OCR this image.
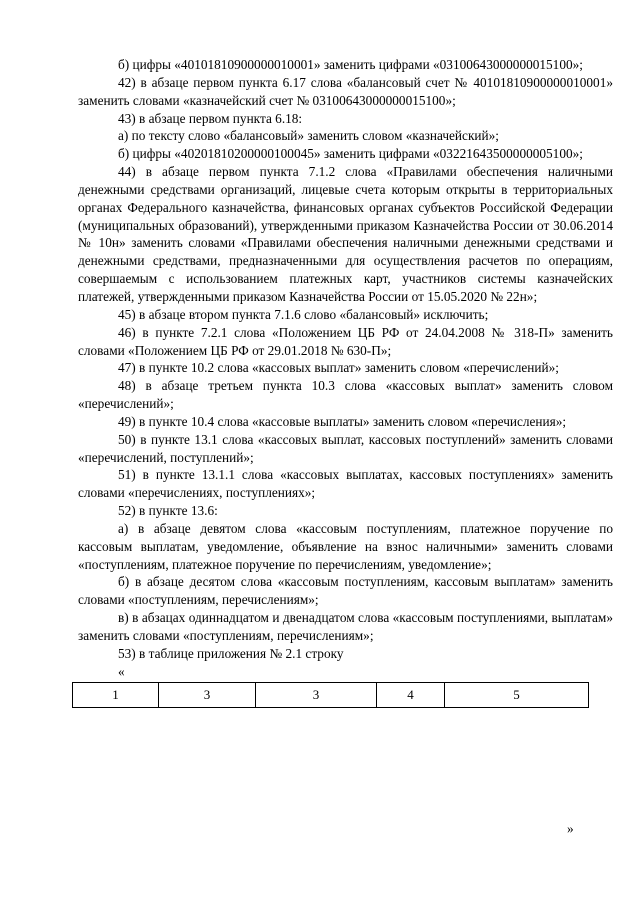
б) цифры «40101810900000010001» заменить цифрами «03100643000000015100»;

42) в абзаце первом пункта 6.17 слова «балансовый счет № 40101810900000010001» заменить словами «казначейский счет № 03100643000000015100»;

43) в абзаце первом пункта 6.18:

а) по тексту слово «балансовый» заменить словом «казначейский»;

б) цифры «40201810200000100045» заменить цифрами «03221643500000005100»;

44) в абзаце первом пункта 7.1.2 слова «Правилами обеспечения наличными денежными средствами организаций, лицевые счета которым открыты в территориальных органах Федерального казначейства, финансовых органах субъектов Российской Федерации (муниципальных образований), утвержденными приказом Казначейства России от 30.06.2014 № 10н» заменить словами «Правилами обеспечения наличными денежными средствами и денежными средствами, предназначенными для осуществления расчетов по операциям, совершаемым с использованием платежных карт, участников системы казначейских платежей, утвержденными приказом Казначейства России от 15.05.2020 № 22н»;

45) в абзаце втором пункта 7.1.6 слово «балансовый» исключить;

46) в пункте 7.2.1 слова «Положением ЦБ РФ от 24.04.2008 № 318-П» заменить словами «Положением ЦБ РФ от 29.01.2018 № 630-П»;

47) в пункте 10.2 слова «кассовых выплат» заменить словом «перечислений»;

48) в абзаце третьем пункта 10.3 слова «кассовых выплат» заменить словом «перечислений»;

49) в пункте 10.4 слова «кассовые выплаты» заменить словом «перечисления»;

50) в пункте 13.1 слова «кассовых выплат, кассовых поступлений» заменить словами «перечислений, поступлений»;

51) в пункте 13.1.1 слова «кассовых выплатах, кассовых поступлениях» заменить словами «перечислениях, поступлениях»;

52) в пункте 13.6:

а) в абзаце девятом слова «кассовым поступлениям, платежное поручение по кассовым выплатам, уведомление, объявление на взнос наличными» заменить словами «поступлениям, платежное поручение по перечислениям, уведомление»;

б) в абзаце десятом слова «кассовым поступлениям, кассовым выплатам» заменить словами «поступлениям, перечислениям»;

в) в абзацах одиннадцатом и двенадцатом слова «кассовым поступлениями, выплатам» заменить словами «поступлениям, перечислениям»;

53) в таблице приложения № 2.1 строку

«

1	3	3	4	5

»
